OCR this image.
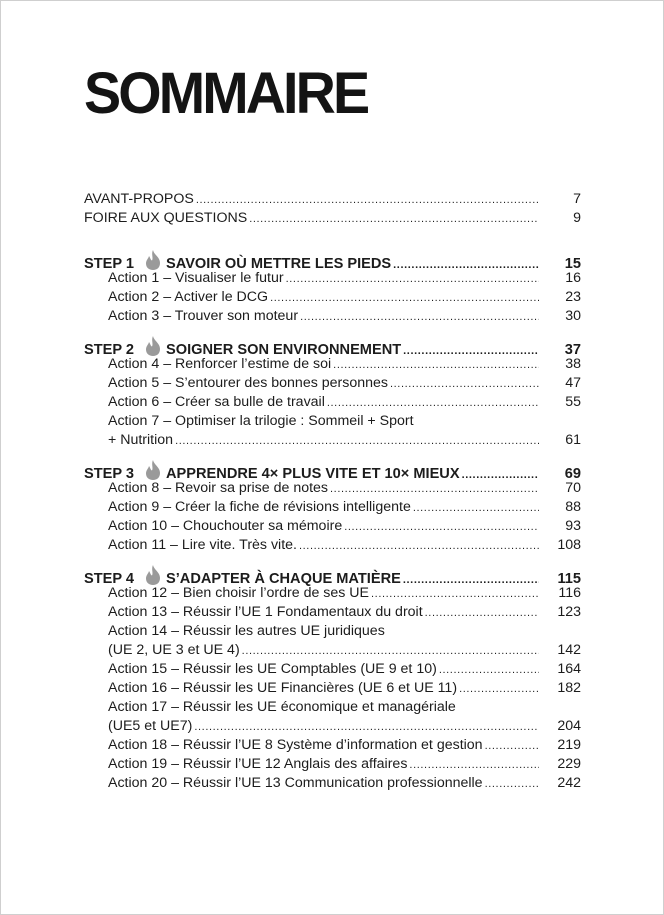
SOMMAIRE
AVANT-PROPOS .....	7
FOIRE AUX QUESTIONS .....	9
STEP 1 SAVOIR OÙ METTRE LES PIEDS .....	15
Action 1 – Visualiser le futur .....	16
Action 2 – Activer le DCG .....	23
Action 3 – Trouver son moteur .....	30
STEP 2 SOIGNER SON ENVIRONNEMENT .....	37
Action 4 – Renforcer l’estime de soi .....	38
Action 5 – S’entourer des bonnes personnes .....	47
Action 6 – Créer sa bulle de travail .....	55
Action 7 – Optimiser la trilogie : Sommeil + Sport
+ Nutrition .....	61
STEP 3 APPRENDRE 4× PLUS VITE ET 10× MIEUX .....	69
Action 8 – Revoir sa prise de notes .....	70
Action 9 – Créer la fiche de révisions intelligente .....	88
Action 10 – Chouchouter sa mémoire .....	93
Action 11 – Lire vite. Très vite. .....	108
STEP 4 S’ADAPTER À CHAQUE MATIÈRE .....	115
Action 12 – Bien choisir l’ordre de ses UE .....	116
Action 13 – Réussir l’UE 1 Fondamentaux du droit .....	123
Action 14 – Réussir les autres UE juridiques
(UE 2, UE 3 et UE 4) .....	142
Action 15 – Réussir les UE Comptables (UE 9 et 10) .....	164
Action 16 – Réussir les UE Financières (UE 6 et UE 11) .....	182
Action 17 – Réussir les UE économique et managériale
(UE5 et UE7) .....	204
Action 18 – Réussir l’UE 8 Système d’information et gestion .....	219
Action 19 – Réussir l’UE 12 Anglais des affaires .....	229
Action 20 – Réussir l’UE 13 Communication professionnelle .....	242
